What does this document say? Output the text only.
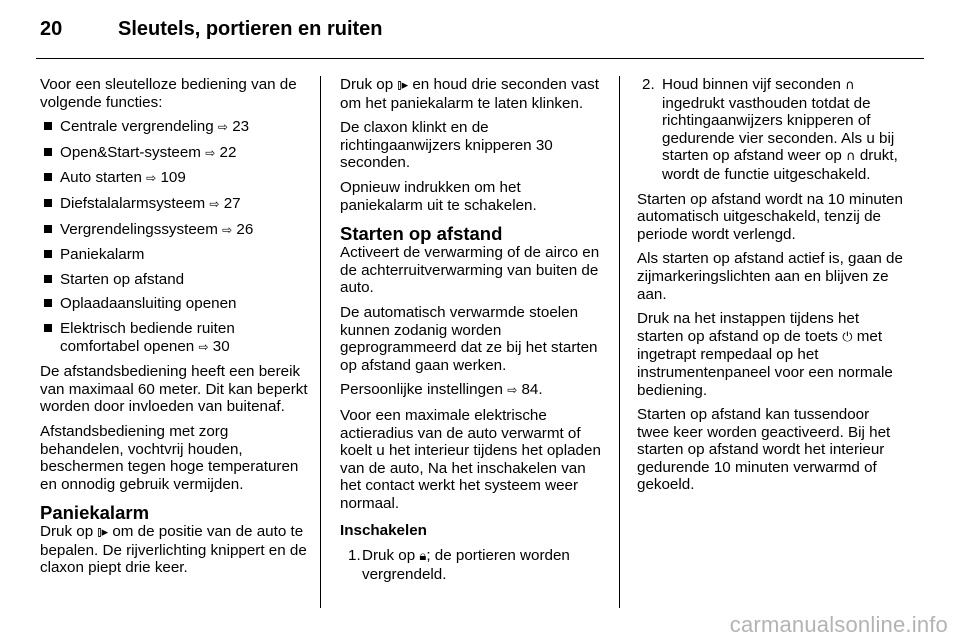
20	Sleutels, portieren en ruiten

Voor een sleutelloze bediening van de volgende functies:

Centrale vergrendeling ⇨ 23
Open&Start-systeem ⇨ 22
Auto starten ⇨ 109
Diefstalalarmsysteem ⇨ 27
Vergrendelingssysteem ⇨ 26
Paniekalarm
Starten op afstand
Oplaadaansluiting openen
Elektrisch bediende ruiten comfortabel openen ⇨ 30

De afstandsbediening heeft een bereik van maximaal 60 meter. Dit kan beperkt worden door invloeden van buitenaf.

Afstandsbediening met zorg behandelen, vochtvrij houden, beschermen tegen hoge temperaturen en onnodig gebruik vermijden.

Paniekalarm

Druk op ⫾▸ om de positie van de auto te bepalen. De rijverlichting knippert en de claxon piept drie keer.

Druk op ⫾▸ en houd drie seconden vast om het paniekalarm te laten klinken.

De claxon klinkt en de richtingaanwijzers knipperen 30 seconden.

Opnieuw indrukken om het paniekalarm uit te schakelen.

Starten op afstand

Activeert de verwarming of de airco en de achterruitverwarming van buiten de auto.

De automatisch verwarmde stoelen kunnen zodanig worden geprogrammeerd dat ze bij het starten op afstand gaan werken.

Persoonlijke instellingen ⇨ 84.

Voor een maximale elektrische actieradius van de auto verwarmt of koelt u het interieur tijdens het opladen van de auto, Na het inschakelen van het contact werkt het systeem weer normaal.

Inschakelen

1. Druk op 🔒︎; de portieren worden vergrendeld.
2. Houd binnen vijf seconden ∩ ingedrukt vasthouden totdat de richtingaanwijzers knipperen of gedurende vier seconden. Als u bij starten op afstand weer op ∩ drukt, wordt de functie uitgeschakeld.

Starten op afstand wordt na 10 minuten automatisch uitgeschakeld, tenzij de periode wordt verlengd.

Als starten op afstand actief is, gaan de zijmarkeringslichten aan en blijven ze aan.

Druk na het instappen tijdens het starten op afstand op de toets ⏻ met ingetrapt rempedaal op het instrumentenpaneel voor een normale bediening.

Starten op afstand kan tussendoor twee keer worden geactiveerd. Bij het starten op afstand wordt het interieur gedurende 10 minuten verwarmd of gekoeld.

carmanualsonline.info
